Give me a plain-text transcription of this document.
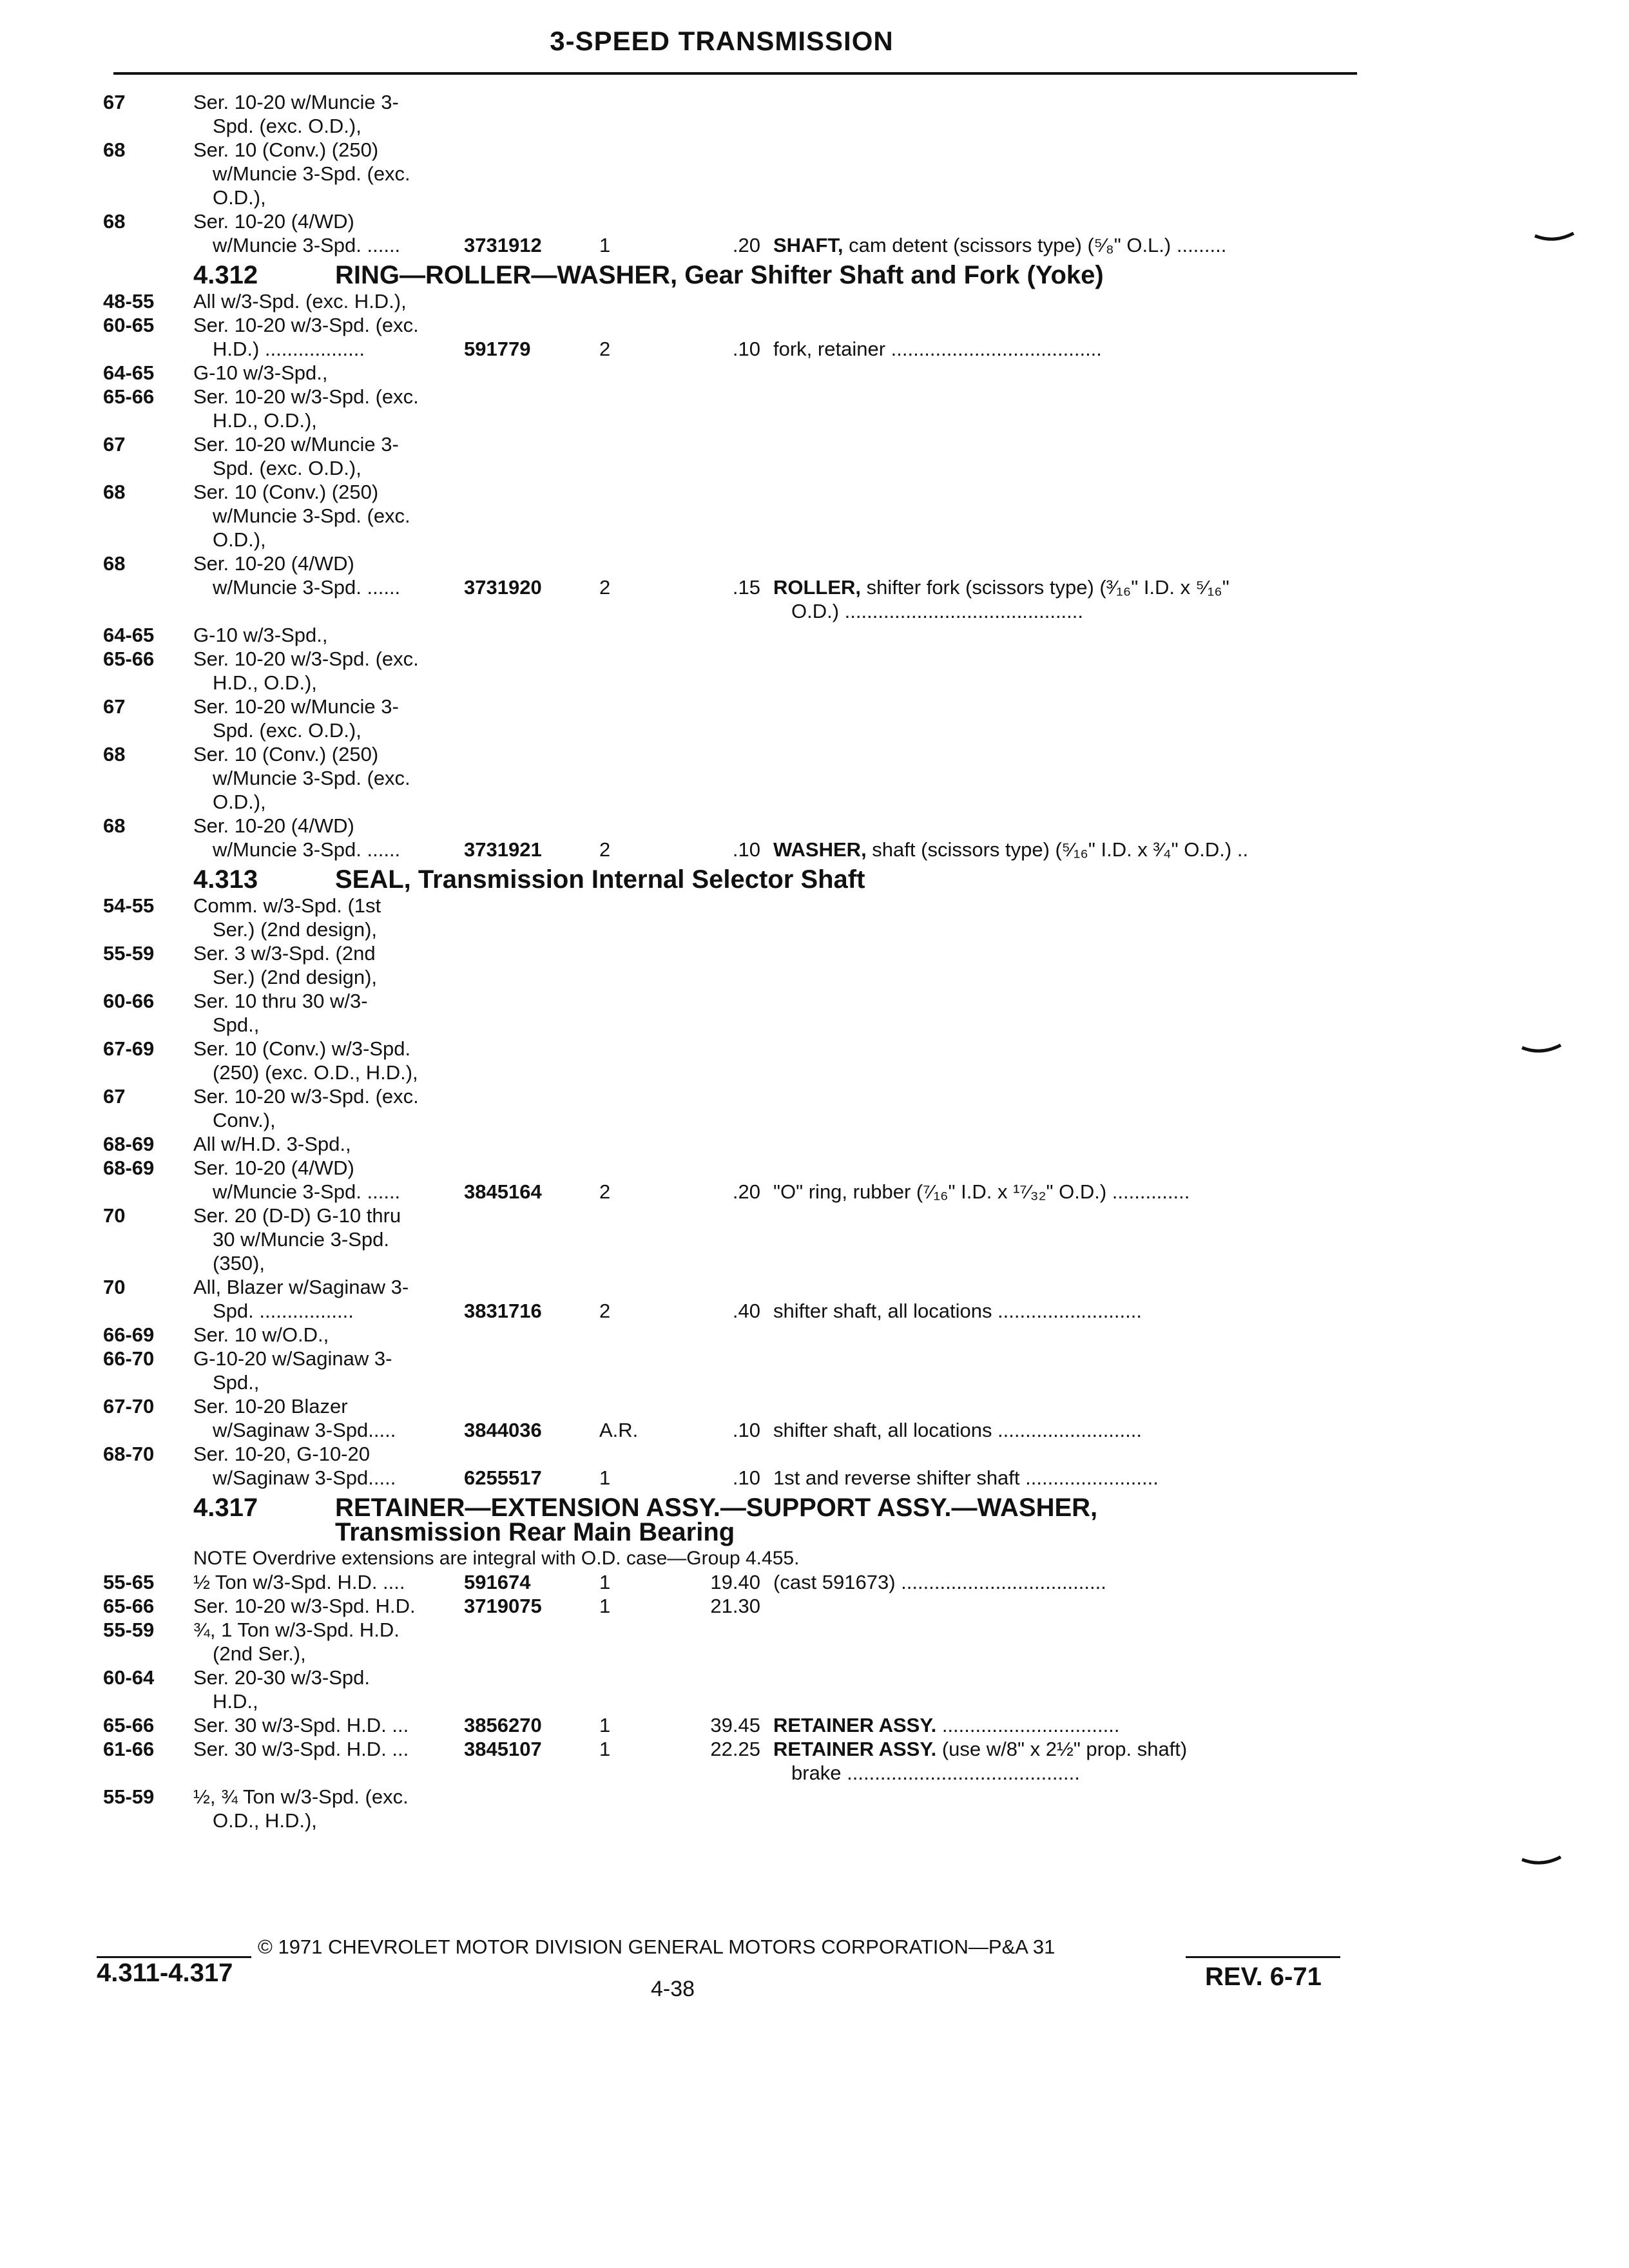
3-SPEED TRANSMISSION
67	Ser. 10-20 w/Muncie 3-
Spd. (exc. O.D.),
68	Ser. 10 (Conv.) (250)
w/Muncie 3-Spd. (exc.
O.D.),
68	Ser. 10-20 (4/WD)
w/Muncie 3-Spd. ......	3731912	1	.20 SHAFT, cam detent (scissors type) (⁵⁄₈" O.L.) .........
4.312	RING—ROLLER—WASHER, Gear Shifter Shaft and Fork (Yoke)
48-55	All w/3-Spd. (exc. H.D.),
60-65	Ser. 10-20 w/3-Spd. (exc.
H.D.) ..................	591779	2	.10 fork, retainer ......................................
64-65	G-10 w/3-Spd.,
65-66	Ser. 10-20 w/3-Spd. (exc.
H.D., O.D.),
67	Ser. 10-20 w/Muncie 3-
Spd. (exc. O.D.),
68	Ser. 10 (Conv.) (250)
w/Muncie 3-Spd. (exc.
O.D.),
68	Ser. 10-20 (4/WD)
w/Muncie 3-Spd. ......	3731920	2	.15 ROLLER, shifter fork (scissors type) (³⁄₁₆" I.D. x ⁵⁄₁₆"
O.D.) ...........................................
64-65	G-10 w/3-Spd.,
65-66	Ser. 10-20 w/3-Spd. (exc.
H.D., O.D.),
67	Ser. 10-20 w/Muncie 3-
Spd. (exc. O.D.),
68	Ser. 10 (Conv.) (250)
w/Muncie 3-Spd. (exc.
O.D.),
68	Ser. 10-20 (4/WD)
w/Muncie 3-Spd. ......	3731921	2	.10 WASHER, shaft (scissors type) (⁵⁄₁₆" I.D. x ³⁄₄" O.D.) ..
4.313	SEAL, Transmission Internal Selector Shaft
54-55	Comm. w/3-Spd. (1st
Ser.) (2nd design),
55-59	Ser. 3 w/3-Spd. (2nd
Ser.) (2nd design),
60-66	Ser. 10 thru 30 w/3-
Spd.,
67-69	Ser. 10 (Conv.) w/3-Spd.
(250) (exc. O.D., H.D.),
67	Ser. 10-20 w/3-Spd. (exc.
Conv.),
68-69	All w/H.D. 3-Spd.,
68-69	Ser. 10-20 (4/WD)
w/Muncie 3-Spd. ......	3845164	2	.20 "O" ring, rubber (⁷⁄₁₆" I.D. x ¹⁷⁄₃₂" O.D.) ..............
70	Ser. 20 (D-D) G-10 thru
30 w/Muncie 3-Spd.
(350),
70	All, Blazer w/Saginaw 3-
Spd. .................	3831716	2	.40 shifter shaft, all locations ..........................
66-69	Ser. 10 w/O.D.,
66-70	G-10-20 w/Saginaw 3-
Spd.,
67-70	Ser. 10-20 Blazer
w/Saginaw 3-Spd.....	3844036	A.R.	.10 shifter shaft, all locations ..........................
68-70	Ser. 10-20, G-10-20
w/Saginaw 3-Spd.....	6255517	1	.10 1st and reverse shifter shaft ........................
4.317	RETAINER—EXTENSION ASSY.—SUPPORT ASSY.—WASHER,
Transmission Rear Main Bearing
NOTE Overdrive extensions are integral with O.D. case—Group 4.455.
55-65	½ Ton w/3-Spd. H.D. ....	591674	1	19.40 (cast 591673) .....................................
65-66	Ser. 10-20 w/3-Spd. H.D.	3719075	1	21.30
55-59	¾, 1 Ton w/3-Spd. H.D.
(2nd Ser.),
60-64	Ser. 20-30 w/3-Spd.
H.D.,
65-66	Ser. 30 w/3-Spd. H.D. ...	3856270	1	39.45 RETAINER ASSY. ................................
61-66	Ser. 30 w/3-Spd. H.D. ...	3845107	1	22.25 RETAINER ASSY. (use w/8" x 2½" prop. shaft)
brake ..........................................
55-59	½, ¾ Ton w/3-Spd. (exc.
O.D., H.D.),
© 1971 CHEVROLET MOTOR DIVISION GENERAL MOTORS CORPORATION—P&A 31
4.311-4.317
4-38	REV. 6-71
